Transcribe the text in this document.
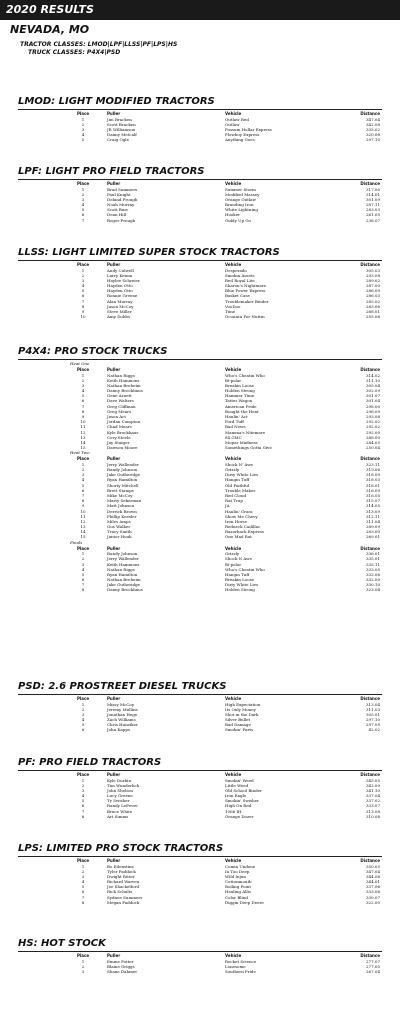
2020 RESULTS
NEVADA, MO
TRACTOR CLASSES: LMOD|LPF|LLSS|PF|LPS|HS
TRUCK CLASSES: P4X4|PSD
LMOD: LIGHT MODIFIED TRACTORS
Place	Puller	Vehicle	Distance
1	Jim Bracken	Outlaw Red	347.04
2	Scott Bracken	Outlaw	342.08
3	JR Williamson	Possum Hollar Express	335.02
4	Danny Metcalf	Plowboy Express	320.08
5	Craig Ogle	Anything Goes	297.10
LPF: LIGHT PRO FIELD TRACTORS
Place	Puller	Vehicle	Distance
1	Brad Summers	Summer Storm	317.00
2	Paul Knight	Modified Massey	314.01
3	Deland Prough	Orange Outlaw	301.09
4	Noah Murray	Branding Iron	287.11
5	Scott Burr	White Lightning	283.03
6	Dean Hill	Hooker	261.05
7	Roger Prough	Giddy Up Go	238.07
LLSS: LIGHT LIMITED SUPER STOCK TRACTORS
Place	Puller	Vehicle	Distance
1	Andy Culwell	Desperado	305.03
2	Larry Kenna	Smokin Assets	293.08
3	Haylee Schreier	Red Royal Lite	289.02
4	Hayden Otto	Sharon's Nightmare	287.00
5	Hayden Otto	Blue Power Express	286.09
6	Ronnie Greene	Basket Case	286.03
7	Alan Murray	Troublemaker Binder	285.02
8	Jason McCoy	VooDoo	283.06
9	Steve Miller	Time	268.01
10	Amy Dobbs	Ocounta For Nuttin	255.06
P4X4: PRO STOCK TRUCKS
Heat One
Place	Puller	Vehicle	Distance
1	Nathan Riggs	Who's Cheatin Who	314.02
2	Keith Hammons	Bi-polar	311.10
3	Nathan Breheim	Breakin Loose	305.04
4	Danny Brockhaus	Holden Strong	302.09
5	Gene Arnett	Hammer Time	301.07
6	Dave Walters	Tatter Wagon	301.04
7	Greg Cliffman	American Pride	298.00
8	Greg Mears	Bought the Heat	296.09
9	Jason Act	Haulin' Act	293.08
10	Jordan Compton	Ford Tuff	292.02
11	Chad Mears	Bad News	292.02
12	Kyle Brockhaus	Mamma's Nitemare	292.00
13	Cory Steele	84 GMC	288.00
14	Jay Staiger	Mopar Madness	284.05
15	Dawson Moore	Somethings Gotta Give	250.04
Heat Two
Place	Puller	Vehicle	Distance
1	Jerry Wallender	Shock N' Awe	323.11
2	Randy Johnson	Grizzly	319.06
3	Jake Gutheridge	Dirty White Lies	318.09
4	Ryan Hamilton	Hangin Tuff	318.03
5	Shorty Mitchell	Old Faithful	318.01
6	Brett Stamps	Trouble Maker	316.09
7	Mike McCoy	Red Cloud	316.05
8	Marty Sekerman	Rat Trap	315.07
9	Matt Johnson	JA	314.05
10	Derrick Brown	Haulin' Grass	313.09
11	Phillip Keesler	Show Me Chevy	312.11
12	Miles Amps	Iron Horse	311.04
13	Gus Walker	Redneck Cadillac	289.09
14	Tracy Smith	Razorback Express	283.00
15	Junior Houk	One Mad Rat	269.01
Finals
Place	Puller	Vehicle	Distance
1	Randy Johnson	Grizzly	336.01
2	Jerry Wallender	Shock N Awe	335.01
3	Keith Hammons	Bi-polar	335.11
4	Nathan Riggs	Who's Cheatin Who	333.05
5	Ryan Hamilton	Hangin Tuff	332.06
6	Nathan Breheim	Breakin Loose	332.00
7	Jake Gutheridge	Dirty White Lies	330.10
8	Danny Brockhaus	Holden Strong	323.04
PSD: 2.6 PROSTREET DIESEL TRUCKS
Place	Puller	Vehicle	Distance
1	Missy McCoy	High Expectation	313.04
2	Jeremy Mullins	Its Only Money	311.03
3	Jonathan Hege	Shot in the Dark	305.01
4	Zach Williams	Silver Bullet	297.10
5	Chris Hunziker	Bad Damage	297.05
6	John Kapps	Smokin' Parts	42.02
PF: PRO FIELD TRACTORS
Place	Puller	Vehicle	Distance
1	Kyle Durbin	Smokin' Weed	345.05
2	Tim Wunderlich	Little Weed	342.09
3	John Shelton	Old School Binder	341.10
4	Lucy Greene	Iron Eagle	337.04
5	Ty Swisher	Smokin' Swisher	337.02
6	Randy LeFevre	High On Red	333.07
7	Bruce White	1066 IH	313.08
8	Art Simms	Orange Dozer	310.08
LPS: LIMITED PRO STOCK TRACTORS
Place	Puller	Vehicle	Distance
1	Bo Eilenstine	Comin Undone	350.05
2	Tyler Paddock	In Too Deep	347.04
3	Dwight Ritter	Wild Injun	344.06
4	Richard Warren	Cottonmouth	344.01
5	Joe Shackelford	Boiling Point	337.06
6	Rick Schults	Healing Allis	333.08
7	Sydnee Summers	Color Blind	330.07
8	Megan Paddock	Diggin Deep Deere	322.00
HS: HOT STOCK
Place	Puller	Vehicle	Distance
1	Emme Potter	Rocket Science	277.07
2	Blaine Griggs	Lonesome	277.05
3	Shane Dahmer	Southern Pride	267.04
